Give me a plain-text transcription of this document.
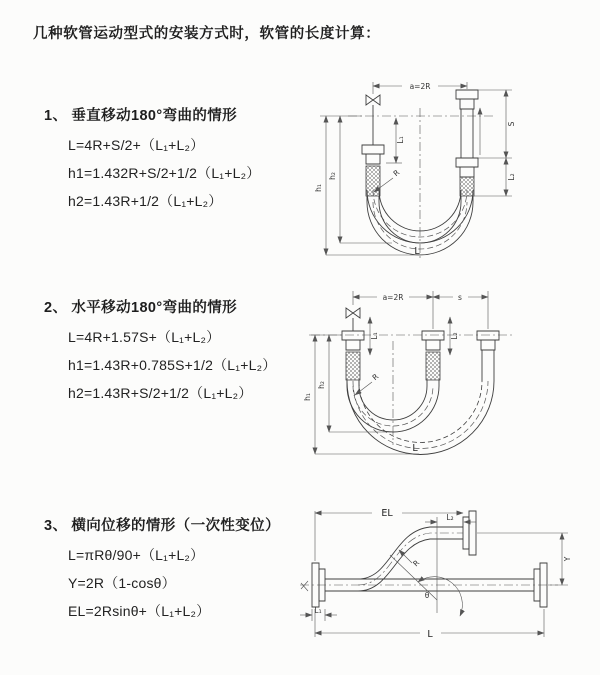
几种软管运动型式的安装方式时，软管的长度计算：
1、 垂直移动180°弯曲的情形
L=4R+S/2+（L₁+L₂）
h1=1.432R+S/2+1/2（L₁+L₂）
h2=1.43R+1/2（L₁+L₂）
2、 水平移动180°弯曲的情形
L=4R+1.57S+（L₁+L₂）
h1=1.43R+0.785S+1/2（L₁+L₂）
h2=1.43R+S/2+1/2（L₁+L₂）
3、 横向位移的情形（一次性变位）
L=πRθ/90+（L₁+L₂）
Y=2R（1-cosθ）
EL=2Rsinθ+（L₁+L₂）
a=2R
S
L₂
L₁
h₁
h₂	R
L
a=2R	s
L₁	L₂
h₁
h₂
R
L
θ
R
EL	L₂
Y
L₁
L
